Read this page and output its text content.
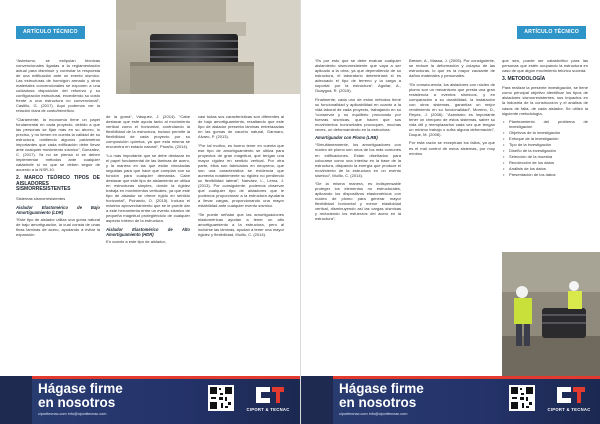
ARTÍCULO TÉCNICO

“Asimismo, se estipulan técnicas convencionales ligadas a la reglamentación actual para disminuir y controlar la respuesta de una edificación ante un evento sísmico. Las estructuras de hormigón armado y otros materiales convencionales se exponen a una cuidadosa disposición del refuerzo y su configuración estructural, excediendo su costo frente a una estructura no convencional”, Castillo, G. (2017). Aquí podemos ver la relación clara de costo/beneficio.

“Claramente, la economía tiene un papel fundamental en cada proyecto, debido a que las personas se fijan más en su ahorro, lo preciso, y no tienen en cuenta la calidad de su estructura, omitiendo algunos parámetros importantes que cada edificación debe llevar ante cualquier movimiento sísmico”, González, C. (2017). Ya no se piensa si se deben implementar métodos ante cualquier catástrofe si no que se deben seguir de acuerdo a la NSR-10.

2. MARCO TEÓRICO TIPOS DE AISLADORES SISMORRESISTENTES

Sistemas sismorresistentes

Aislador Elastomérico de Bajo Amortiguamiento (LDR)

“Este tipo de aislador utiliza una goma natural de bajo amortiguación, la cual consta de unas finas láminas de acero, ayudando a evitar la expansión

de la goma”, Vásquez, J. (2014). “Cabe destacar que este ayuda tanto al movimiento vertical como el horizontal, controlando la flexibilidad de la estructura, incluso permite la flexibilidad de cada proyecto por su composición química, ya que esta misma se encuentra en estado natural”, Proaño, (2014).

“Lo más importante que se debe destacar es el papel fundamental de las láminas de acero, y la manera en las que están vinculadas seguidas para que hace que cumplan con su función para cualquier demanda. Cabe destacar que este tipo de aislamiento se utiliza en estructuras simples, donde la rigidez trabaja en movimientos verticales, ya que este tipo de aislador se ofrece rígido en sentido horizontal”, Pichardo, O. (2015). Incluso el máximo aprovechamiento que se le puede dar a este herramienta entre un evento sísmico de pequeña magnitud protegiéndolo de cualquier aspecto interno de la estructura.

Aislador Elastomérico de Alto Amortiguamiento (HDR)

En cuanto a este tipo de aislador,

casi todas sus características son diferentes al de bajo amortiguamiento, resaltando que este tipo de aislador presenta láminas entrelazadas en las gomas de caucho natural, Garmaro, Alvaro, P. (2013).

“Por tal motivo, es bueno tener en cuenta que ese tipo de amortiguamiento se utiliza para proyectos de gran magnitud, que tengan una mayor rigidez en sentido vertical. Por otra parte, ellos son fabricados en neopreno, que son una característica se evidencia que aumenta notablemente su rigidez no perdiendo su flexibilidad lateral”, Narváez, L., Lema, J. (2013). Por consiguiente, podemos observar que cualquier tipo de aisladores que le podemos proporcionar a la estructura ayudaría a llevar cargas, proporcionando una mayor estabilidad ante cualquier evento sísmico.

“Se puede señalar que las amortiguaciones elastoméricas ayudan a tener un alto amortiguamiento a la estructura, pero al incluirse las láminas, ayudan a tener una mayor rigidez y flexibilidad, Muillo, C. (2014).

Hágase firme
en nosotros
ciporttecnac.com info@ciporttecnac.com
CIPORT & TECNAC
ARTÍCULO TÉCNICO

“Es por esto que se debe evaluar cualquier aislamiento sismorresistente que vaya a ser aplicado a la obra, ya que dependiendo de su estructura, el laboratorio determinará si es adecuado el tipo de terreno y la carga a soportar por la estructura”, Aguilar, A., Guaygua, R. (2015).

Finalmente, cada uno de estos métodos tiene su funcionalidad y aplicabilidad en cuanto a la vida laboral de cada proyecto, trabajando en su “conservar y su equilibrio provocado por fuerzas sísmicas, que hacen que sus movimientos horizontales provoquen, muchas veces, un deformamiento en la estructura.

Amortiguador con Plomo (LRB)

“Simultáneamente, los amortiguadores con núcleo de plomo son unos de los más comunes en edificaciones. Están diseñados para colocarse como una interfaz en la base de la estructura, disipando la energía que produce el movimiento de la estructura en un evento sísmico”, Muillo, C. (2014).

“De la misma manera, es indispensable proteger los elementos no estructurales, aplicando los dispositivos elastoméricos con núcleo de plomo para generar mayor flexibilidad horizontal y menor elasticidad vertical, disminuyendo así las cargas sísmicas y reduciendo los esfuerzos del acero en la estructura”,

Brewer, A., Massa, J. (2005). Por consiguiente, se reduce la deformación y colapso de las estructuras, lo que es la mayor causante de daños materiales y personales.

“En consecuencia, los aisladores con núcleo de plomo son un mecanismo que presta una gran resistencia a eventos sísmicos, y en comparación a su durabilidad, la instalación con otros sistemas, garantiza un mejor rendimiento en su funcionalidad”, Moreno, D., Reyes, J. (2006). “Asimismo es importante tener un chequeo de estos sistemas, saber su vida útil y reemplazarlos cada vez que tengan un mínimo trabajo o sufra alguna deformación”, Duque, M. (2006).

Por esta razón se exceptúan los fallos, ya que es el mal control de estos sistemas, por muy mínimo

que sea, puede ser catastrófico para las personas que estén ocupando la estructura en caso de que algún movimiento telúrico suceda.

3. METODOLOGÍA

Para realizar la presente investigación, se tiene como principal objetivo identificar los tipos de aisladores sismorresistentes, sus impactos en la industria de la construcción y el análisis de casos de falla, de cada aislador. Se utilizó la siguiente metodología.

• Planteamiento del problema de investigación
• Objetivos de la investigación
• Enfoque de la investigación
• Tipo de la investigación
• Diseño de la investigación
• Selección de la muestra
• Recolección de los datos
• Análisis de los datos
• Presentación de los datos
Hágase firme
en nosotros
ciporttecnac.com info@ciporttecnac.com
CIPORT & TECNAC
